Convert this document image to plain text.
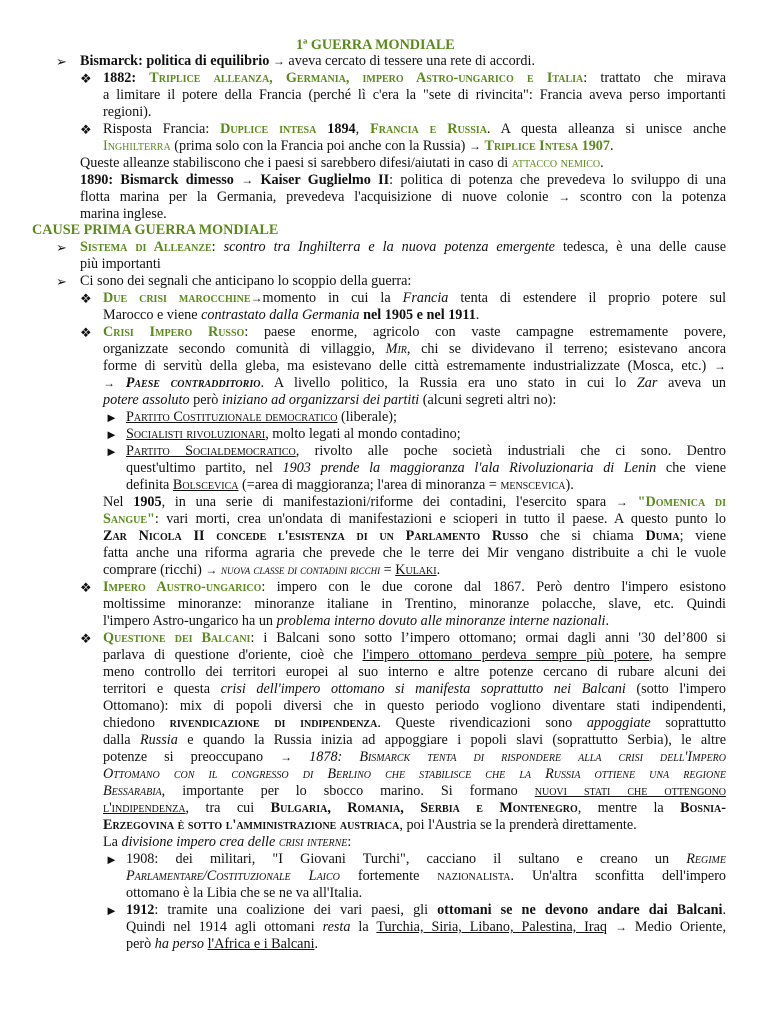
1ª GUERRA MONDIALE
➢ Bismarck: politica di equilibrio → aveva cercato di tessere una rete di accordi.
❖ 1882: Triplice alleanza, Germania, impero Astro-ungarico e Italia: trattato che mirava
a limitare il potere della Francia (perché lì c'era la "sete di rivincita": Francia aveva perso importanti
regioni).
❖ Risposta Francia: Duplice intesa 1894, Francia e Russia. A questa alleanza si unisce anche
Inghilterra (prima solo con la Francia poi anche con la Russia) → Triplice Intesa 1907.
Queste alleanze stabiliscono che i paesi si sarebbero difesi/aiutati in caso di attacco nemico.
1890: Bismarck dimesso → Kaiser Guglielmo II: politica di potenza che prevedeva lo sviluppo di una
flotta marina per la Germania, prevedeva l'acquisizione di nuove colonie → scontro con la potenza
marina inglese.
CAUSE PRIMA GUERRA MONDIALE
➢ Sistema di Alleanze: scontro tra Inghilterra e la nuova potenza emergente tedesca, è una delle cause
più importanti
➢ Ci sono dei segnali che anticipano lo scoppio della guerra:
❖ Due crisi marocchine→momento in cui la Francia tenta di estendere il proprio potere sul
Marocco e viene contrastato dalla Germania nel 1905 e nel 1911.
❖ Crisi Impero Russo: paese enorme, agricolo con vaste campagne estremamente povere,
organizzate secondo comunità di villaggio, Mir, chi se dividevano il terreno; esistevano ancora
forme di servitù della gleba, ma esistevano delle città estremamente industrializzate (Mosca, etc.) →
→ Paese contradditorio. A livello politico, la Russia era uno stato in cui lo Zar aveva un
potere assoluto però iniziano ad organizzarsi dei partiti (alcuni segreti altri no):
► Partito Costituzionale democratico (liberale);
► Socialisti rivoluzionari, molto legati al mondo contadino;
► Partito Socialdemocratico, rivolto alle poche società industriali che ci sono. Dentro
quest'ultimo partito, nel 1903 prende la maggioranza l'ala Rivoluzionaria di Lenin che viene
definita Bolscevica (=area di maggioranza; l'area di minoranza = menscevica).
Nel 1905, in una serie di manifestazioni/riforme dei contadini, l'esercito spara → "Domenica di
Sangue": vari morti, crea un'ondata di manifestazioni e scioperi in tutto il paese. A questo punto lo
Zar Nicola II concede l'esistenza di un Parlamento Russo che si chiama Duma; viene
fatta anche una riforma agraria che prevede che le terre dei Mir vengano distribuite a chi le vuole
comprare (ricchi) → nuova classe di contadini ricchi = Kulaki.
❖ Impero Austro-ungarico: impero con le due corone dal 1867. Però dentro l'impero esistono
moltissime minoranze: minoranze italiane in Trentino, minoranze polacche, slave, etc. Quindi
l'impero Astro-ungarico ha un problema interno dovuto alle minoranze interne nazionali.
❖ Questione dei Balcani: i Balcani sono sotto l’impero ottomano; ormai dagli anni '30 del’800 si
parlava di questione d'oriente, cioè che l'impero ottomano perdeva sempre più potere, ha sempre
meno controllo dei territori europei al suo interno e altre potenze cercano di rubare alcuni dei
territori e questa crisi dell'impero ottomano si manifesta soprattutto nei Balcani (sotto l'impero
Ottomano): mix di popoli diversi che in questo periodo vogliono diventare stati indipendenti,
chiedono rivendicazione di indipendenza. Queste rivendicazioni sono appoggiate soprattutto
dalla Russia e quando la Russia inizia ad appoggiare i popoli slavi (soprattutto Serbia), le altre
potenze si preoccupano → 1878: Bismarck tenta di rispondere alla crisi dell'Impero
Ottomano con il congresso di Berlino che stabilisce che la Russia ottiene una regione
Bessarabia, importante per lo sbocco marino. Si formano nuovi stati che ottengono
l'indipendenza, tra cui Bulgaria, Romania, Serbia e Montenegro, mentre la Bosnia-
Erzegovina è sotto l'amministrazione austriaca, poi l'Austria se la prenderà direttamente.
La divisione impero crea delle crisi interne:
► 1908: dei militari, "I Giovani Turchi", cacciano il sultano e creano un Regime
Parlamentare/Costituzionale Laico fortemente nazionalista. Un'altra sconfitta dell'impero
ottomano è la Libia che se ne va all'Italia.
► 1912: tramite una coalizione dei vari paesi, gli ottomani se ne devono andare dai Balcani.
Quindi nel 1914 agli ottomani resta la Turchia, Siria, Libano, Palestina, Iraq → Medio Oriente,
però ha perso l'Africa e i Balcani.
